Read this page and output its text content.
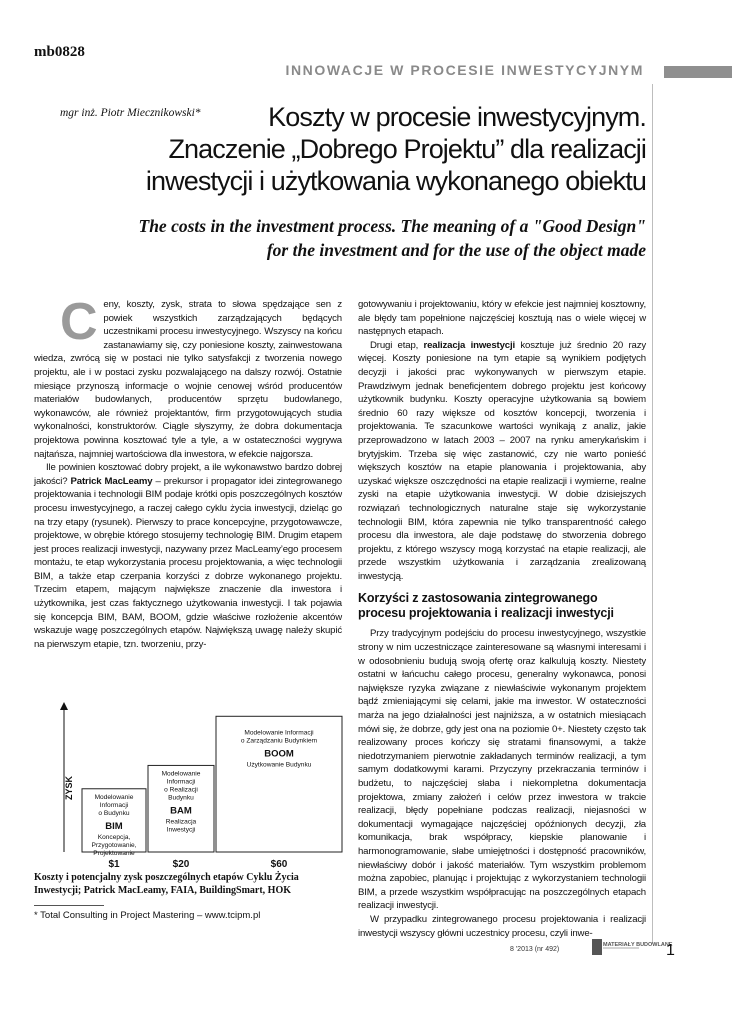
mb0828
INNOWACJE W PROCESIE INWESTYCYJNYM
mgr inż. Piotr Miecznikowski*	Koszty w procesie inwestycyjnym.
Znaczenie „Dobrego Projektu” dla realizacji
inwestycji i użytkowania wykonanego obiektu
The costs in the investment process. The meaning of a "Good Design"
for the investment and for the use of the object made

Ceny, koszty, zysk, strata to słowa spędzające sen z powiek wszystkich zarządzających będących uczestnikami procesu inwestycyjnego. Wszyscy na końcu zastanawiamy się, czy poniesione koszty, zainwestowana wiedza, zwrócą się w postaci nie tylko satysfakcji z tworzenia nowego projektu, ale i w postaci zysku pozwalającego na dalszy rozwój. Ostatnie miesiące przynoszą informacje o wojnie cenowej wśród producentów materiałów budowlanych, producentów sprzętu budowlanego, wykonawców, ale również projektantów, firm przygotowujących studia wykonalności, konstruktorów. Ciągle słyszymy, że dobra dokumentacja projektowa powinna kosztować tyle a tyle, a w ostateczności wygrywa najtańsza, najmniej wartościowa dla inwestora, w efekcie najgorsza.

Ile powinien kosztować dobry projekt, a ile wykonawstwo bardzo dobrej jakości? Patrick MacLeamy – prekursor i propagator idei zintegrowanego projektowania i technologii BIM podaje krótki opis poszczególnych kosztów procesu inwestycyjnego, a raczej całego cyklu życia inwestycji, dzieląc go na trzy etapy (rysunek). Pierwszy to prace koncepcyjne, przygotowawcze, projektowe, w obrębie którego stosujemy technologię BIM. Drugim etapem jest proces realizacji inwestycji, nazywany przez MacLeamy’ego procesem montażu, te etap wykorzystania procesu projektowania, a więc technologii BIM, a także etap czerpania korzyści z dobrze wykonanego projektu. Trzecim etapem, mającym największe znaczenie dla inwestora i użytkownika, jest czas faktycznego użytkowania inwestycji. I tak pojawia się koncepcja BIM, BAM, BOOM, gdzie właściwe rozłożenie akcentów wskazuje wagę poszczególnych etapów. Największą uwagę należy skupić na pierwszym etapie, tzn. tworzeniu, przy-

ZYSK	Modelowanie
Informacji
o Budynku
BIM
Koncepcja,
Przygotowanie,
Projektowanie
$1
Modelowanie
Informacji
o Realizacji
Budynku
BAM
Realizacja
Inwestycji
$20
Modelowanie Informacji
o Zarządzaniu Budynkiem
BOOM
Użytkowanie Budynku
$60
Koszty i potencjalny zysk poszczególnych etapów Cyklu Życia Inwestycji; Patrick MacLeamy, FAIA, BuildingSmart, HOK
* Total Consulting in Project Mastering – www.tcipm.pl

gotowywaniu i projektowaniu, który w efekcie jest najmniej kosztowny, ale błędy tam popełnione najczęściej kosztują nas o wiele więcej w następnych etapach.

Drugi etap, realizacja inwestycji kosztuje już średnio 20 razy więcej. Koszty poniesione na tym etapie są wynikiem podjętych decyzji i jakości prac wykonywanych w pierwszym etapie. Prawdziwym jednak beneficjentem dobrego projektu jest końcowy użytkownik budynku. Koszty operacyjne użytkowania są bowiem średnio 60 razy większe od kosztów koncepcji, tworzenia i projektowania. Te szacunkowe wartości wynikają z analiz, jakie przeprowadzono w latach 2003 – 2007 na rynku amerykańskim i brytyjskim. Trzeba się więc zastanowić, czy nie warto ponieść większych kosztów na etapie planowania i projektowania, aby uzyskać większe oszczędności na etapie realizacji i wymierne, realne zyski na etapie użytkowania inwestycji. W dobie dzisiejszych rozwiązań technologicznych naturalne staje się wykorzystanie technologii BIM, która zapewnia nie tylko transparentność całego procesu dla inwestora, ale daje podstawę do stworzenia dobrego projektu, z którego wszyscy mogą korzystać na etapie realizacji, ale przede wszystkim użytkowania i zarządzania zrealizowaną inwestycją.

Korzyści z zastosowania zintegrowanego procesu projektowania i realizacji inwestycji

Przy tradycyjnym podejściu do procesu inwestycyjnego, wszystkie strony w nim uczestniczące zainteresowane są własnymi interesami i w odosobnieniu budują swoją ofertę oraz kalkulują koszty. Niestety ostatni w łańcuchu całego procesu, generalny wykonawca, ponosi największe ryzyka związane z niewłaściwie wykonanym projektem bądź zmieniającymi się celami, jakie ma inwestor. W ostateczności marża na jego działalności jest najniższa, a w ostatnich miesiącach mówi się, że dobrze, gdy jest ona na poziomie 0+. Niestety często tak realizowany proces kończy się stratami finansowymi, a także niedotrzymaniem pierwotnie zakładanych terminów realizacji, a tym samym dodatkowymi karami. Przyczyny przekraczania terminów i budżetu, to najczęściej słaba i niekompletna dokumentacja projektowa, zmiany założeń i celów przez inwestora w trakcie realizacji, błędy popełniane podczas realizacji, niejasności w dokumentacji wymagające najczęściej opóźnionych decyzji, zła komunikacja, brak współpracy, kiepskie planowanie i harmonogramowanie, słabe umiejętności i dostępność pracowników, niewłaściwy dobór i jakość materiałów. Tym wszystkim problemom można zapobiec, planując i projektując z wykorzystaniem technologii BIM, a przede wszystkim współpracując na poszczególnych etapach realizacji inwestycji.

W przypadku zintegrowanego procesu projektowania i realizacji inwestycji wszyscy główni uczestnicy procesu, czyli inwe-

8 '2013 (nr 492)
MATERIAŁY BUDOWLANE
1
